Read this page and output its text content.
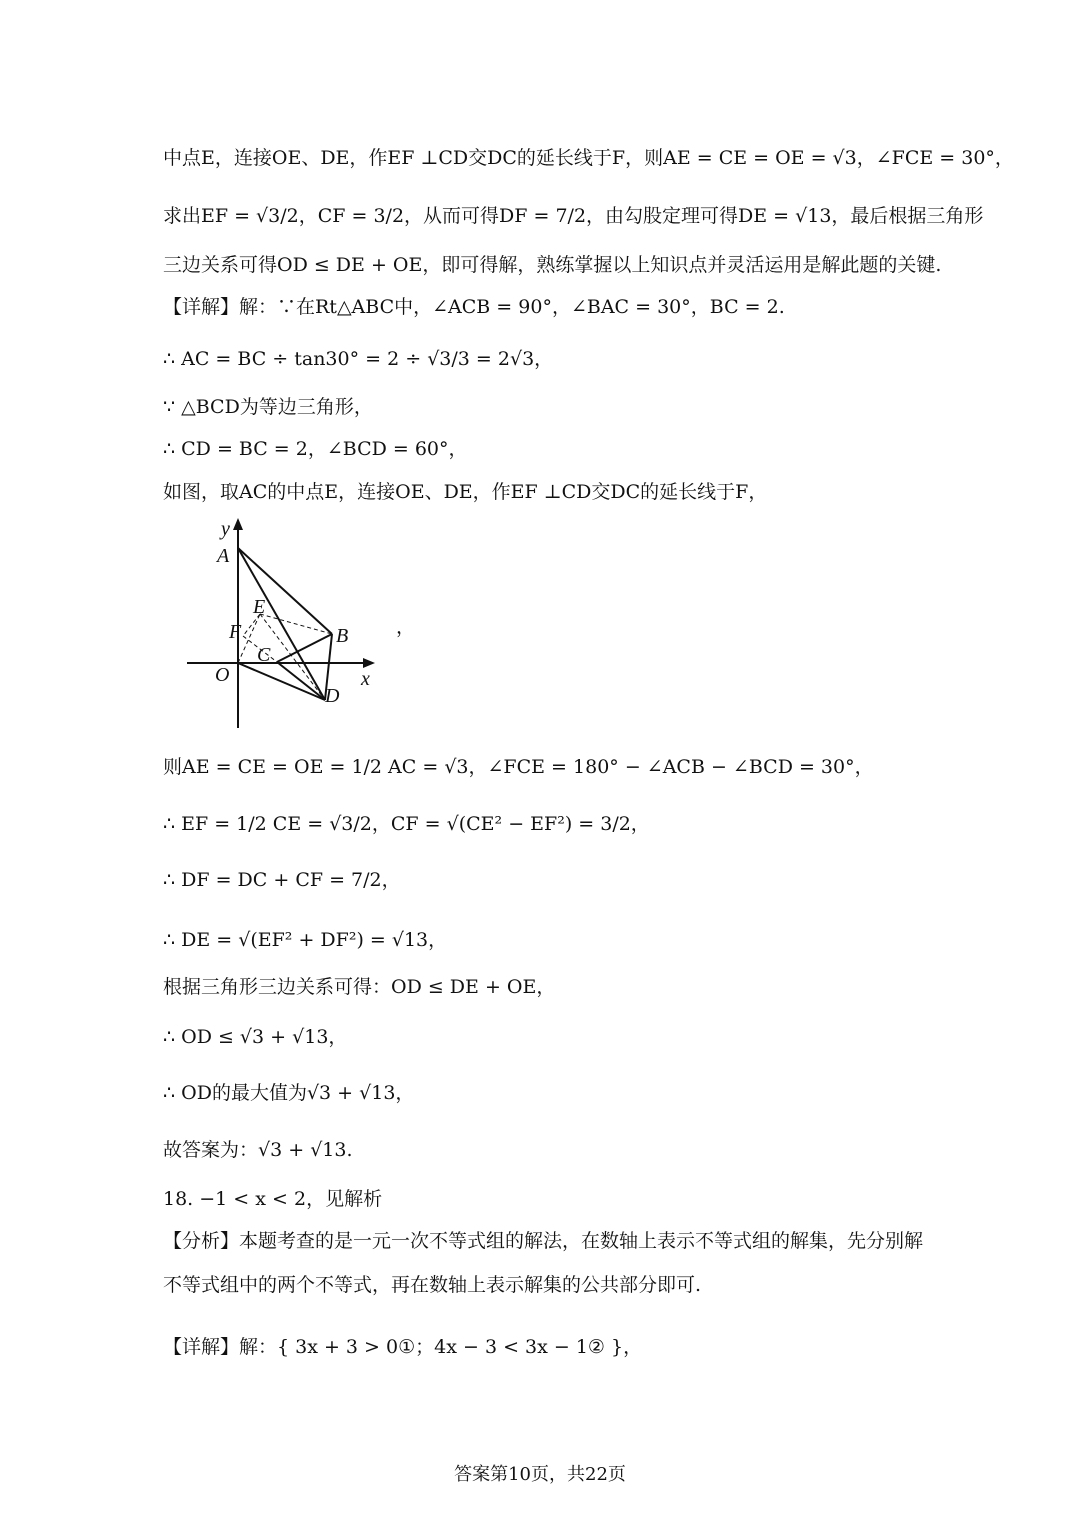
中点E，连接OE、DE，作EF ⊥CD交DC的延长线于F，则AE = CE = OE = √3，∠FCE = 30°，
求出EF = √3/2，CF = 3/2，从而可得DF = 7/2，由勾股定理可得DE = √13，最后根据三角形
三边关系可得OD ≤ DE + OE，即可得解，熟练掌握以上知识点并灵活运用是解此题的关键.
【详解】解：∵在Rt△ABC中，∠ACB = 90°，∠BAC = 30°，BC = 2.
∴ AC = BC ÷ tan30° = 2 ÷ √3/3 = 2√3，
∵ △BCD为等边三角形，
∴ CD = BC = 2，∠BCD = 60°，
如图，取AC的中点E，连接OE、DE，作EF ⊥CD交DC的延长线于F，
y
A
E
F	B
C
O	x
D
，
则AE = CE = OE = 1/2 AC = √3，∠FCE = 180° − ∠ACB − ∠BCD = 30°，
∴ EF = 1/2 CE = √3/2，CF = √(CE² − EF²) = 3/2，
∴ DF = DC + CF = 7/2，
∴ DE = √(EF² + DF²) = √13，
根据三角形三边关系可得：OD ≤ DE + OE，
∴ OD ≤ √3 + √13，
∴ OD的最大值为√3 + √13，
故答案为：√3 + √13.
18. −1 < x < 2，见解析
【分析】本题考查的是一元一次不等式组的解法，在数轴上表示不等式组的解集，先分别解
不等式组中的两个不等式，再在数轴上表示解集的公共部分即可.
【详解】解：{ 3x + 3 > 0①；4x − 3 < 3x − 1② }，
答案第10页，共22页
